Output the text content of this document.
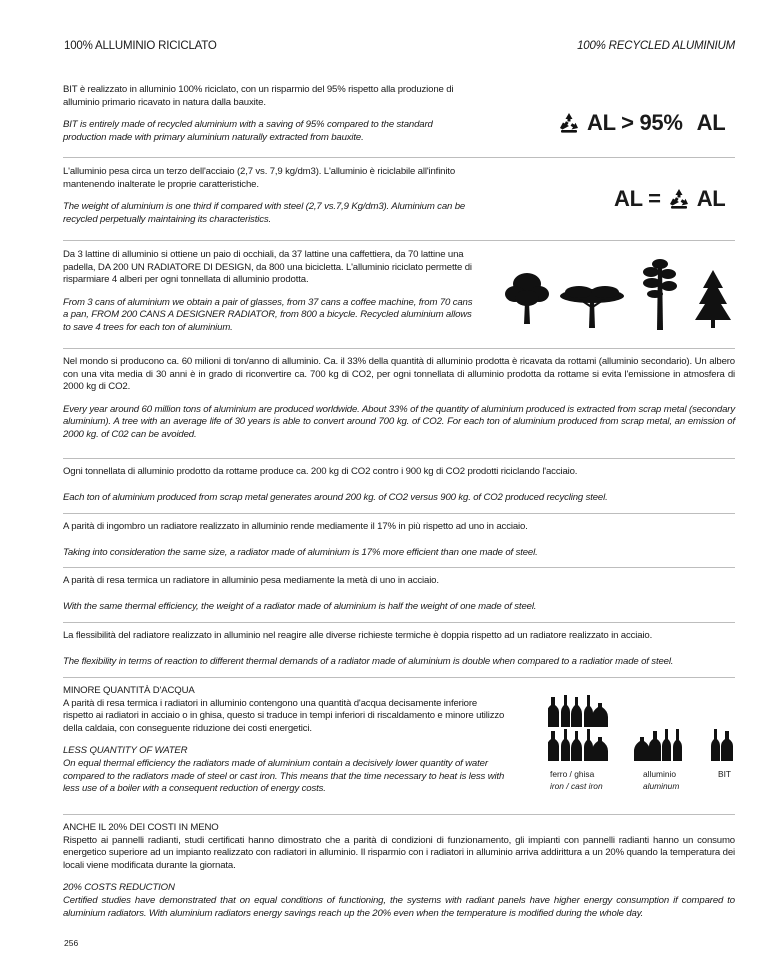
100% ALLUMINIO RICICLATO	100% RECYCLED ALUMINIUM

BIT è realizzato in alluminio 100% riciclato, con un risparmio del 95% rispetto alla produzione di alluminio primario ricavato in natura dalla bauxite.

BIT is entirely made of recycled aluminium with a saving of 95% compared to the standard production made with primary aluminium naturally extracted from bauxite.

AL > 95% AL

L'alluminio pesa circa un terzo dell'acciaio (2,7 vs. 7,9 kg/dm3). L'alluminio è riciclabile all'infinito mantenendo inalterate le proprie caratteristiche.

The weight of aluminium is one third if compared with steel (2,7 vs.7,9 Kg/dm3). Aluminium can be recycled perpetually maintaining its characteristics.

AL = AL

Da 3 lattine di alluminio si ottiene un paio di occhiali, da 37 lattine una caffettiera, da 70 lattine una padella, DA 200 UN RADIATORE DI DESIGN, da 800 una bicicletta. L'alluminio riciclato permette di risparmiare 4 alberi per ogni tonnellata di alluminio prodotta.

From 3 cans of aluminium we obtain a pair of glasses, from 37 cans a coffee machine, from 70 cans a pan, FROM 200 CANS A DESIGNER RADIATOR, from 800 a bicycle. Recycled aluminium allows to save 4 trees for each ton of aluminium.

Nel mondo si producono ca. 60 milioni di ton/anno di alluminio. Ca. il 33% della quantità di alluminio prodotta è ricavata da rottami (alluminio secondario). Un albero con una vita media di 30 anni è in grado di riconvertire ca. 700 kg di CO2, per ogni tonnellata di alluminio prodotta da rottame si evita l'emissione in atmosfera di 2000 kg di CO2.

Every year around 60 million tons of aluminium are produced worldwide. About 33% of the quantity of aluminium produced is extracted from scrap metal (secondary aluminium). A tree with an average life of 30 years is able to convert around 700 kg. of CO2. For each ton of aluminium produced from scrap metal, an emission of 2000 kg. of C02 can be avoided.

Ogni tonnellata di alluminio prodotto da rottame produce ca. 200 kg di CO2 contro i 900 kg di CO2 prodotti riciclando l'acciaio.

Each ton of aluminium produced from scrap metal generates around 200 kg. of CO2 versus 900 kg. of CO2 produced recycling steel.

A parità di ingombro un radiatore realizzato in alluminio rende mediamente il 17% in più rispetto ad uno in acciaio.

Taking into consideration the same size, a radiator made of aluminium is 17% more efficient than one made of steel.

A parità di resa termica un radiatore in alluminio pesa mediamente la metà di uno in acciaio.

With the same thermal efficiency, the weight of a radiator made of aluminium is half the weight of one made of steel.

La flessibilità del radiatore realizzato in alluminio nel reagire alle diverse richieste termiche è doppia rispetto ad un radiatore realizzato in acciaio.

The flexibility in terms of reaction to different thermal demands of a radiator made of aluminium is double when compared to a radiatior made of steel.

MINORE QUANTITÀ D'ACQUA

A parità di resa termica i radiatori in alluminio contengono una quantità d'acqua decisamente inferiore rispetto ai radiatori in acciaio o in ghisa, questo si traduce in tempi inferiori di riscaldamento e minore utilizzo della caldaia, con conseguente riduzione dei costi energetici.

LESS QUANTITY OF WATER

On equal thermal efficiency the radiators made of aluminium contain a decisively lower quantity of water compared to the radiators made of steel or cast iron. This means that the time necessary to heat is less with less use of a boiler with a consequent reduction of energy costs.

ferro / ghisa
iron / cast iron
alluminio
aluminum
BIT

ANCHE IL 20% DEI COSTI IN MENO

Rispetto ai pannelli radianti, studi certificati hanno dimostrato che a parità di condizioni di funzionamento, gli impianti con pannelli radianti hanno un consumo energetico superiore ad un impianto realizzato con radiatori in alluminio. Il risparmio con i radiatori in alluminio arriva addirittura a un 20% quando la temperatura dei locali viene modificata durante la giornata.

20% COSTS REDUCTION

Certified studies have demonstrated that on equal conditions of functioning, the systems with radiant panels have higher energy consumption if compared to aluminium radiators. With aluminium radiators energy savings reach up the 20% even when the temperature is modified during the whole day.

256
